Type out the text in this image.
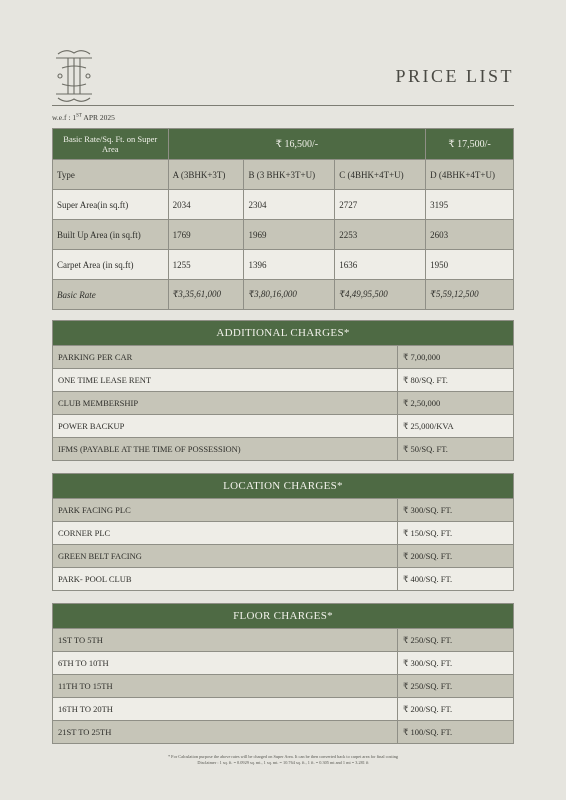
PRICE LIST
w.e.f : 1ST APR 2025
Basic Rate/Sq. Ft. on Super Area	₹ 16,500/-			₹ 17,500/-
Type	A (3BHK+3T)	B (3 BHK+3T+U)	C (4BHK+4T+U)	D (4BHK+4T+U)
Super Area(in sq.ft)	2034	2304	2727	3195
Built Up Area (in sq.ft)	1769	1969	2253	2603
Carpet Area (in sq.ft)	1255	1396	1636	1950
Basic Rate	₹3,35,61,000	₹3,80,16,000	₹4,49,95,500	₹5,59,12,500
ADDITIONAL CHARGES*	
PARKING PER CAR	₹ 7,00,000
ONE TIME LEASE RENT	₹ 80/SQ. FT.
CLUB MEMBERSHIP	₹ 2,50,000
POWER BACKUP	₹ 25,000/KVA
IFMS (PAYABLE AT THE TIME OF POSSESSION)	₹ 50/SQ. FT.
LOCATION CHARGES*	
PARK FACING PLC	₹ 300/SQ. FT.
CORNER PLC	₹ 150/SQ. FT.
GREEN BELT FACING	₹ 200/SQ. FT.
PARK- POOL CLUB	₹ 400/SQ. FT.
FLOOR CHARGES*	
1ST TO 5TH	₹ 250/SQ. FT.
6TH TO 10TH	₹ 300/SQ. FT.
11TH TO 15TH	₹ 250/SQ. FT.
16TH TO 20TH	₹ 200/SQ. FT.
21ST TO 25TH	₹ 100/SQ. FT.
* For Calculation purpose the above rates will be charged on Super Area. It can be then converted back to carpet area for final costing
Disclaimer : 1 sq. ft. = 0.0929 sq. mt., 1 sq. mt. = 10.764 sq. ft., 1 ft. = 0.305 mt and 1 mt = 3.281 ft
